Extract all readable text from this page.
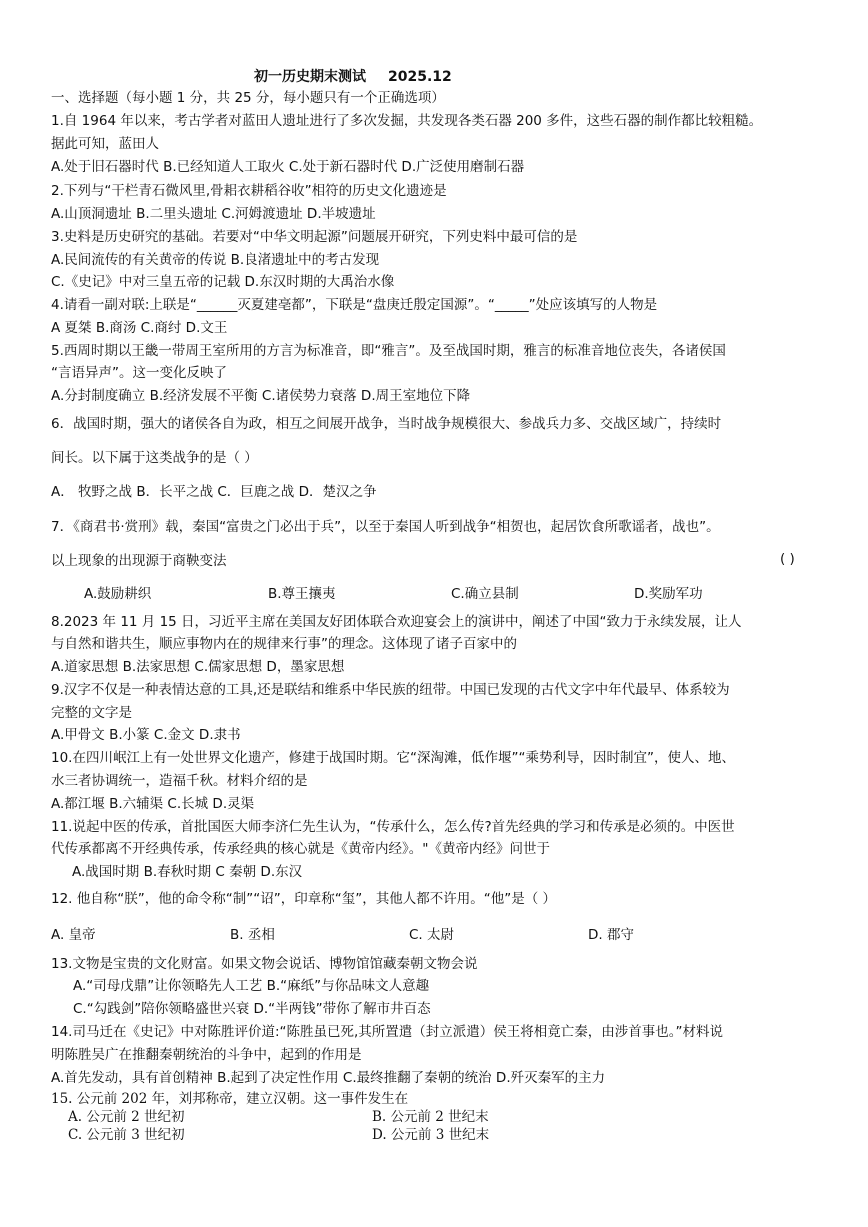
初一历史期末测试 2025.12
一、选择题（每小题 1 分，共 25 分，每小题只有一个正确选项）
1.自 1964 年以来，考古学者对蓝田人遗址进行了多次发掘，共发现各类石器 200 多件，这些石器的制作都比较粗糙。
据此可知，蓝田人
A.处于旧石器时代 B.已经知道人工取火 C.处于新石器时代 D.广泛使用磨制石器
2.下列与“干栏青石微风里,骨耜衣耕稻谷收”相符的历史文化遗迹是
A.山顶洞遗址 B.二里头遗址 C.河姆渡遗址 D.半坡遗址
3.史料是历史研究的基础。若要对“中华文明起源”问题展开研究，下列史料中最可信的是
A.民间流传的有关黄帝的传说 B.良渚遗址中的考古发现
C.《史记》中对三皇五帝的记载 D.东汉时期的大禹治水像
4.请看一副对联:上联是“______灭夏建亳都”，下联是“盘庚迁殷定国源”。“_____”处应该填写的人物是
A 夏桀 B.商汤 C.商纣 D.文王
5.西周时期以王畿一带周王室所用的方言为标准音，即“雅言”。及至战国时期，雅言的标准音地位丧失，各诸侯国
“言语异声”。这一变化反映了
A.分封制度确立 B.经济发展不平衡 C.诸侯势力衰落 D.周王室地位下降
6．战国时期，强大的诸侯各自为政，相互之间展开战争，当时战争规模很大、参战兵力多、交战区域广，持续时
间长。以下属于这类战争的是（ ）
A． 牧野之战 B．长平之战 C．巨鹿之战 D．楚汉之争
7．《商君书·赏刑》载，秦国“富贵之门必出于兵”，以至于秦国人听到战争“相贺也，起居饮食所歌谣者，战也”。
以上现象的出现源于商鞅变法	( )
A.鼓励耕织	B.尊王攘夷	C.确立县制	D.奖励军功
8.2023 年 11 月 15 日，习近平主席在美国友好团体联合欢迎宴会上的演讲中，阐述了中国“致力于永续发展，让人
与自然和谐共生，顺应事物内在的规律来行事”的理念。这体现了诸子百家中的
A.道家思想 B.法家思想 C.儒家思想 D，墨家思想
9.汉字不仅是一种表情达意的工具,还是联结和维系中华民族的纽带。中国已发现的古代文字中年代最早、体系较为
完整的文字是
A.甲骨文 B.小篆 C.金文 D.隶书
10.在四川岷江上有一处世界文化遗产，修建于战国时期。它“深淘滩，低作堰”“乘势利导，因时制宜”，使人、地、
水三者协调统一，造福千秋。材料介绍的是
A.都江堰 B.六辅渠 C.长城 D.灵渠
11.说起中医的传承，首批国医大师李济仁先生认为，“传承什么，怎么传?首先经典的学习和传承是必须的。中医世
代传承都离不开经典传承，传承经典的核心就是《黄帝内经》。"《黄帝内经》问世于
A.战国时期 B.春秋时期 C 秦朝 D.东汉
12. 他自称“朕”，他的命令称“制”“诏”，印章称“玺”，其他人都不许用。“他”是（ ）
A. 皇帝	B. 丞相	C. 太尉	D. 郡守
13.文物是宝贵的文化财富。如果文物会说话、博物馆馆藏秦朝文物会说
A.“司母戊鼎”让你领略先人工艺 B.“麻纸”与你品味文人意趣
C.“勾践剑”陪你领略盛世兴衰 D.“半两钱”带你了解市井百态
14.司马迁在《史记》中对陈胜评价道:“陈胜虽已死,其所置遣（封立派遣）侯王将相竟亡秦，由涉首事也。”材料说
明陈胜吴广在推翻秦朝统治的斗争中，起到的作用是
A.首先发动，具有首创精神 B.起到了决定性作用 C.最终推翻了秦朝的统治 D.歼灭秦军的主力
15. 公元前 202 年，刘邦称帝，建立汉朝。这一事件发生在
A. 公元前 2 世纪初	B. 公元前 2 世纪末
C. 公元前 3 世纪初	D. 公元前 3 世纪末
